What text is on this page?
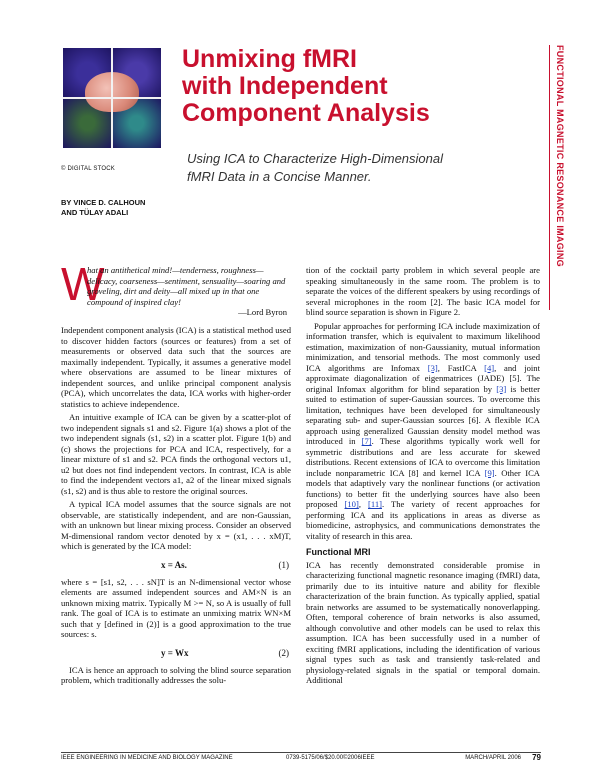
© DIGITAL STOCK
Unmixing fMRI
with Independent
Component Analysis
Using ICA to Characterize High-Dimensional
fMRI Data in a Concise Manner.
BY VINCE D. CALHOUN
AND TÜLAY ADALI	FUNCTIONAL MAGNETIC RESONANCE IMAGING
W
hat an antithetical mind!—tenderness, roughness—delicacy, coarseness—sentiment, sensuality—soaring and groveling, dirt and deity—all mixed up in that one compound of inspired clay!
—Lord Byron

Independent component analysis (ICA) is a statistical method used to discover hidden factors (sources or features) from a set of measurements or observed data such that the sources are maximally independent. Typically, it assumes a generative model where observations are assumed to be linear mixtures of independent sources, and unlike principal component analysis (PCA), which uncorrelates the data, ICA works with higher-order statistics to achieve independence.

An intuitive example of ICA can be given by a scatter-plot of two independent signals s1 and s2. Figure 1(a) shows a plot of the two independent signals (s1, s2) in a scatter plot. Figure 1(b) and (c) shows the projections for PCA and ICA, respectively, for a linear mixture of s1 and s2. PCA finds the orthogonal vectors u1, u2 but does not find independent vectors. In contrast, ICA is able to find the independent vectors a1, a2 of the linear mixed signals (s1, s2) and is thus able to restore the original sources.

A typical ICA model assumes that the source signals are not observable, are statistically independent, and are non-Gaussian, with an unknown but linear mixing process. Consider an observed M-dimensional random vector denoted by x = (x1, . . . xM)T, which is generated by the ICA model:

x = As.	(1)

where s = [s1, s2, . . . sN]T is an N-dimensional vector whose elements are assumed independent sources and AM×N is an unknown mixing matrix. Typically M >= N, so A is usually of full rank. The goal of ICA is to estimate an unmixing matrix WN×M such that y [defined in (2)] is a good approximation to the true sources: s.

y = Wx	(2)

ICA is hence an approach to solving the blind source separation problem, which traditionally addresses the solu-

tion of the cocktail party problem in which several people are speaking simultaneously in the same room. The problem is to separate the voices of the different speakers by using recordings of several microphones in the room [2]. The basic ICA model for blind source separation is shown in Figure 2.

Popular approaches for performing ICA include maximization of information transfer, which is equivalent to maximum likelihood estimation, maximization of non-Gaussianity, mutual information minimization, and tensorial methods. The most commonly used ICA algorithms are Infomax [3], FastICA [4], and joint approximate diagonalization of eigenmatrices (JADE) [5]. The original Infomax algorithm for blind separation by [3] is better suited to estimation of super-Gaussian sources. To overcome this limitation, techniques have been developed for simultaneously separating sub- and super-Gaussian sources [6]. A flexible ICA approach using generalized Gaussian density model method was introduced in [7]. These algorithms typically work well for symmetric distributions and are less accurate for skewed distributions. Recent extensions of ICA to overcome this limitation include nonparametric ICA [8] and kernel ICA [9]. Other ICA models that adaptively vary the nonlinear functions (or activation functions) to better fit the underlying sources have also been proposed [10], [11]. The variety of recent approaches for performing ICA and its applications in areas as diverse as biomedicine, astrophysics, and communications demonstrates the vitality of research in this area.

Functional MRI

ICA has recently demonstrated considerable promise in characterizing functional magnetic resonance imaging (fMRI) data, primarily due to its intuitive nature and ability for flexible characterization of the brain function. As typically applied, spatial brain networks are assumed to be systematically nonoverlapping. Often, temporal coherence of brain networks is also assumed, although convolutive and other models can be used to relax this assumption. ICA has been successfully used in a number of exciting fMRI applications, including the identification of various signal types such as task and transiently task-related and physiology-related signals in the spatial or temporal domain. Additional

IEEE ENGINEERING IN MEDICINE AND BIOLOGY MAGAZINE	0739-5175/06/$20.00©2006IEEE	MARCH/APRIL 2006 79
